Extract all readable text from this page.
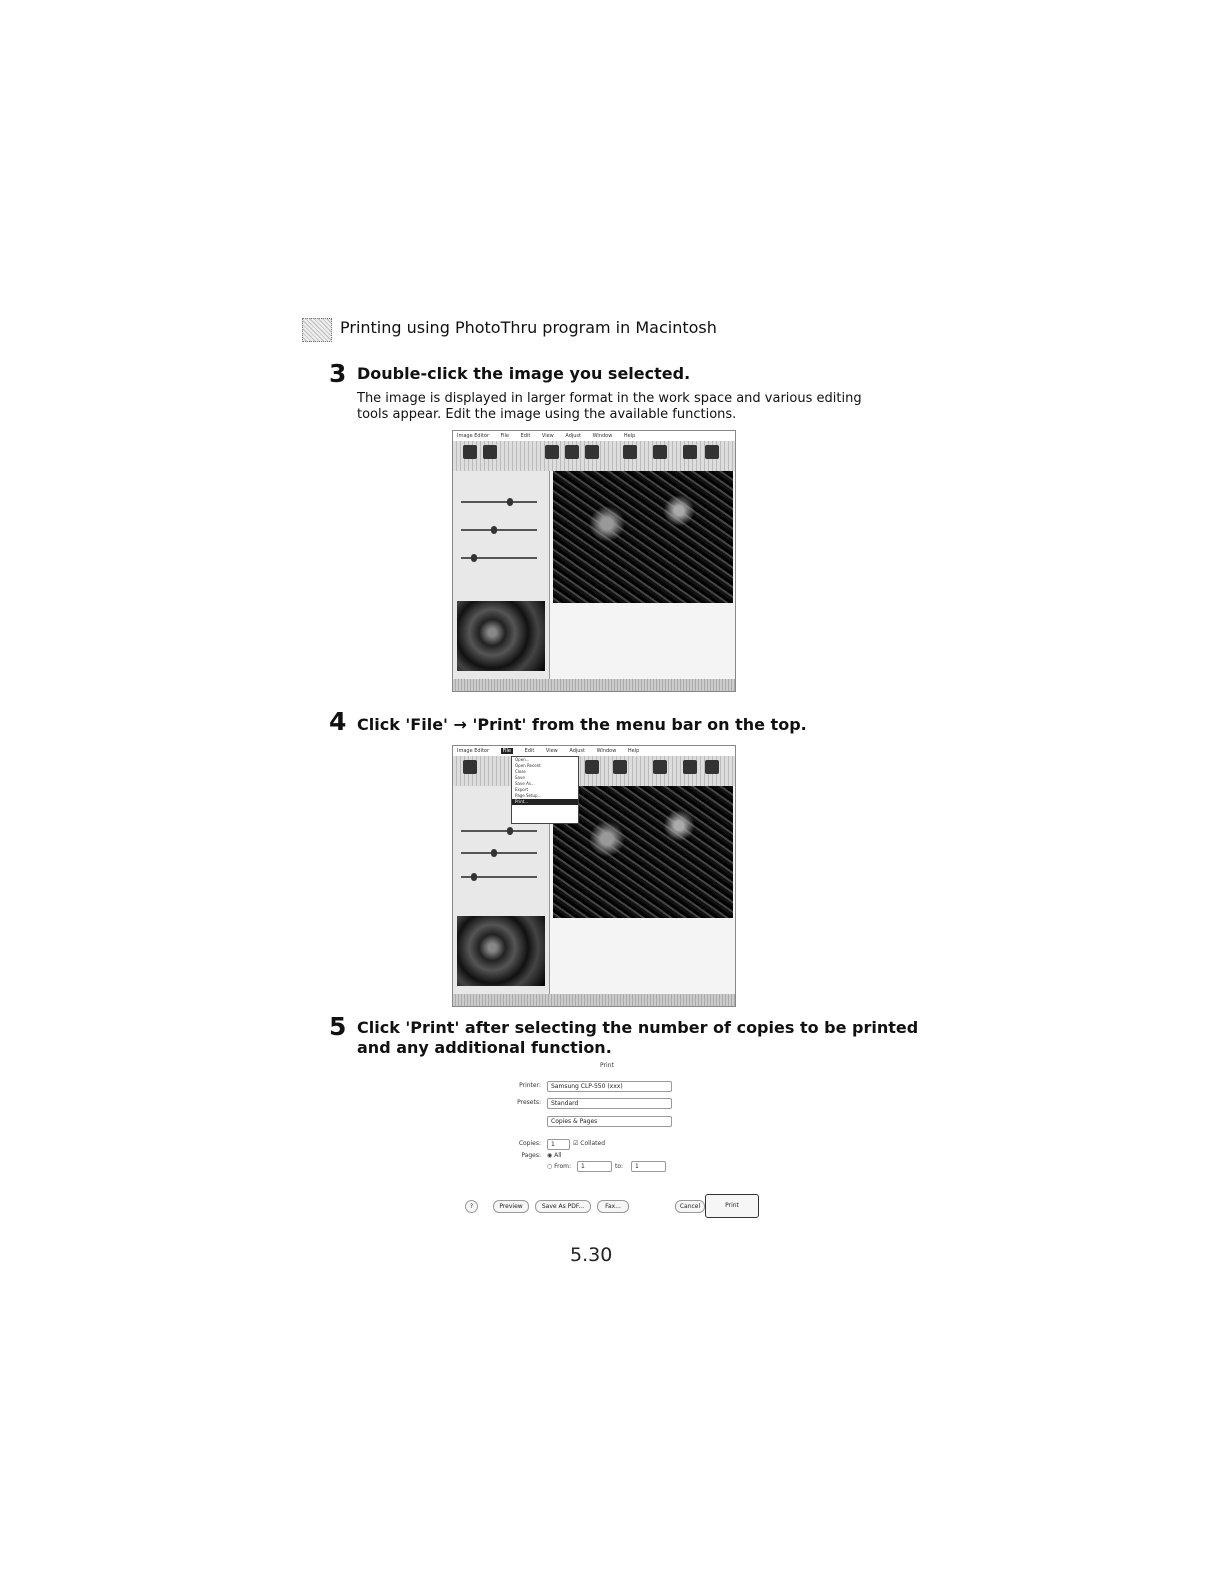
Printing using PhotoThru program in Macintosh
3 Double-click the image you selected.
The image is displayed in larger format in the work space and various editing
tools appear. Edit the image using the available functions.
Image Editor File Edit View Adjust Window Help
4 Click 'File' → 'Print' from the menu bar on the top.
Image Editor	File	Edit View Adjust Window Help
Open...
Open Recent
Close
Save
Save As...
Export
Page Setup...
Print...
5 Click 'Print' after selecting the number of copies to be printed
and any additional function.
Print
Printer:	Samsung CLP-550 (xxx)
Presets:	Standard
Copies & Pages
Copies:	1	☑ Collated
Pages: ◉ All
○ From:	1	to:	1
?	Preview	Save As PDF...	Fax...	Cancel	Print
5.30
